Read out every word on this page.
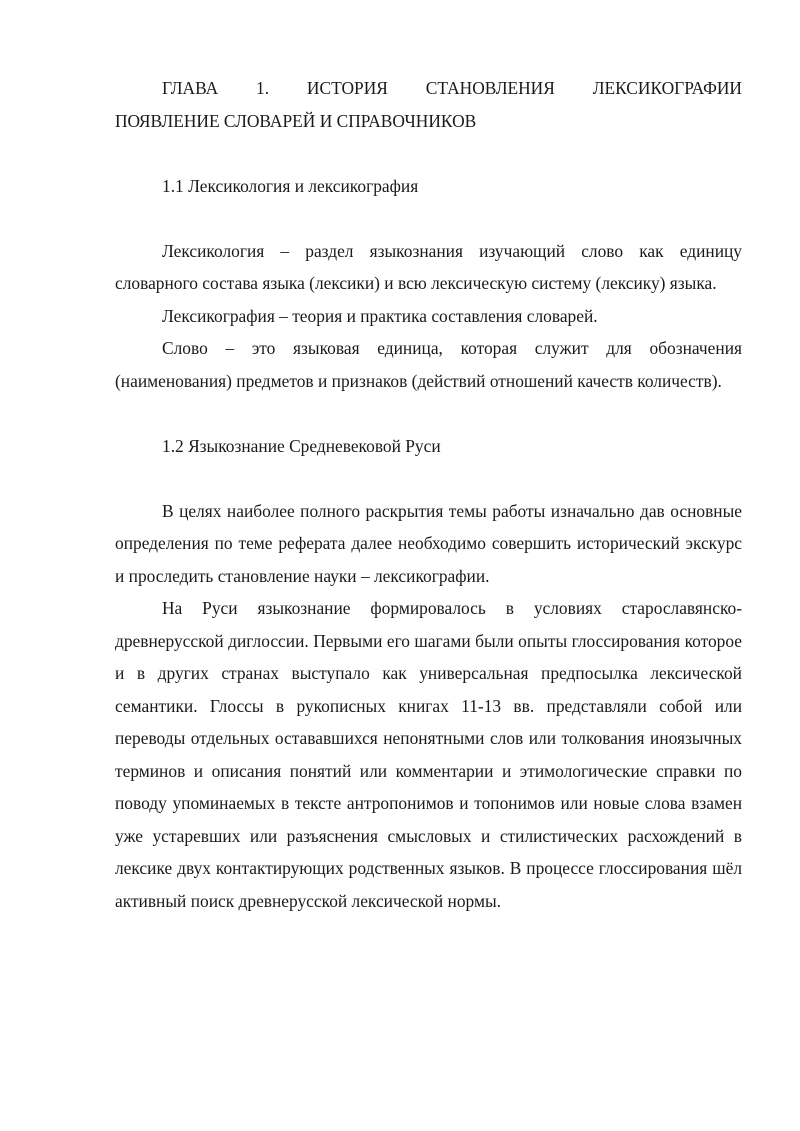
ГЛАВА 1. ИСТОРИЯ СТАНОВЛЕНИЯ ЛЕКСИКОГРАФИИ
ПОЯВЛЕНИЕ СЛОВАРЕЙ И СПРАВОЧНИКОВ

1.1 Лексикология и лексикография

Лексикология – раздел языкознания изучающий слово как единицу словарного состава языка (лексики) и всю лексическую систему (лексику) языка.

Лексикография – теория и практика составления словарей.

Слово – это языковая единица, которая служит для обозначения (наименования) предметов и признаков (действий отношений качеств количеств).

1.2 Языкознание Средневековой Руси

В целях наиболее полного раскрытия темы работы изначально дав основные определения по теме реферата далее необходимо совершить исторический экскурс и проследить становление науки – лексикографии.

На Руси языкознание формировалось в условиях старославянско-древнерусской диглоссии. Первыми его шагами были опыты глоссирования которое и в других странах выступало как универсальная предпосылка лексической семантики. Глоссы в рукописных книгах 11-13 вв. представляли собой или переводы отдельных остававшихся непонятными слов или толкования иноязычных терминов и описания понятий или комментарии и этимологические справки по поводу упоминаемых в тексте антропонимов и топонимов или новые слова взамен уже устаревших или разъяснения смысловых и стилистических расхождений в лексике двух контактирующих родственных языков. В процессе глоссирования шёл активный поиск древнерусской лексической нормы.
